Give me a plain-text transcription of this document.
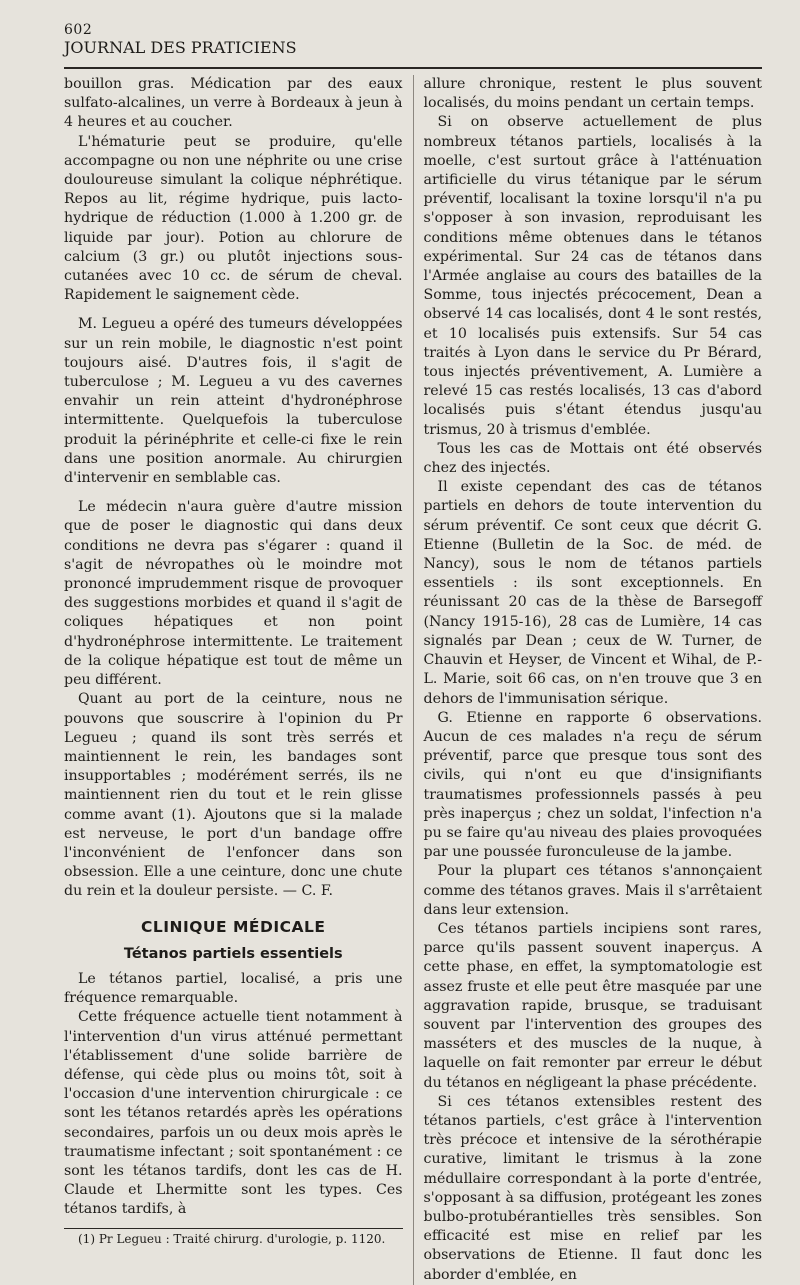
602
JOURNAL DES PRATICIENS

bouillon gras. Médication par des eaux sulfato-alcalines, un verre à Bordeaux à jeun à 4 heures et au coucher.

L'hématurie peut se produire, qu'elle accompagne ou non une néphrite ou une crise douloureuse simulant la colique néphrétique. Repos au lit, régime hydrique, puis lacto-hydrique de réduction (1.000 à 1.200 gr. de liquide par jour). Potion au chlorure de calcium (3 gr.) ou plutôt injections sous-cutanées avec 10 cc. de sérum de cheval. Rapidement le saignement cède.

M. Legueu a opéré des tumeurs développées sur un rein mobile, le diagnostic n'est point toujours aisé. D'autres fois, il s'agit de tuberculose ; M. Legueu a vu des cavernes envahir un rein atteint d'hydronéphrose intermittente. Quelquefois la tuberculose produit la périnéphrite et celle-ci fixe le rein dans une position anormale. Au chirurgien d'intervenir en semblable cas.

Le médecin n'aura guère d'autre mission que de poser le diagnostic qui dans deux conditions ne devra pas s'égarer : quand il s'agit de névropathes où le moindre mot prononcé imprudemment risque de provoquer des suggestions morbides et quand il s'agit de coliques hépatiques et non point d'hydronéphrose intermittente. Le traitement de la colique hépatique est tout de même un peu différent.

Quant au port de la ceinture, nous ne pouvons que souscrire à l'opinion du Pr Legueu ; quand ils sont très serrés et maintiennent le rein, les bandages sont insupportables ; modérément serrés, ils ne maintiennent rien du tout et le rein glisse comme avant (1). Ajoutons que si la malade est nerveuse, le port d'un bandage offre l'inconvénient de l'enfoncer dans son obsession. Elle a une ceinture, donc une chute du rein et la douleur persiste. — C. F.

CLINIQUE MÉDICALE
Tétanos partiels essentiels

Le tétanos partiel, localisé, a pris une fréquence remarquable.

Cette fréquence actuelle tient notamment à l'intervention d'un virus atténué permettant l'établissement d'une solide barrière de défense, qui cède plus ou moins tôt, soit à l'occasion d'une intervention chirurgicale : ce sont les tétanos retardés après les opérations secondaires, parfois un ou deux mois après le traumatisme infectant ; soit spontanément : ce sont les tétanos tardifs, dont les cas de H. Claude et Lhermitte sont les types. Ces tétanos tardifs, à

(1) Pr Legueu : Traité chirurg. d'urologie, p. 1120.

allure chronique, restent le plus souvent localisés, du moins pendant un certain temps.

Si on observe actuellement de plus nombreux tétanos partiels, localisés à la moelle, c'est surtout grâce à l'atténuation artificielle du virus tétanique par le sérum préventif, localisant la toxine lorsqu'il n'a pu s'opposer à son invasion, reproduisant les conditions même obtenues dans le tétanos expérimental. Sur 24 cas de tétanos dans l'Armée anglaise au cours des batailles de la Somme, tous injectés précocement, Dean a observé 14 cas localisés, dont 4 le sont restés, et 10 localisés puis extensifs. Sur 54 cas traités à Lyon dans le service du Pr Bérard, tous injectés préventivement, A. Lumière a relevé 15 cas restés localisés, 13 cas d'abord localisés puis s'étant étendus jusqu'au trismus, 20 à trismus d'emblée.

Tous les cas de Mottais ont été observés chez des injectés.

Il existe cependant des cas de tétanos partiels en dehors de toute intervention du sérum préventif. Ce sont ceux que décrit G. Etienne (Bulletin de la Soc. de méd. de Nancy), sous le nom de tétanos partiels essentiels : ils sont exceptionnels. En réunissant 20 cas de la thèse de Barsegoff (Nancy 1915-16), 28 cas de Lumière, 14 cas signalés par Dean ; ceux de W. Turner, de Chauvin et Heyser, de Vincent et Wihal, de P.-L. Marie, soit 66 cas, on n'en trouve que 3 en dehors de l'immunisation sérique.

G. Etienne en rapporte 6 observations. Aucun de ces malades n'a reçu de sérum préventif, parce que presque tous sont des civils, qui n'ont eu que d'insignifiants traumatismes professionnels passés à peu près inaperçus ; chez un soldat, l'infection n'a pu se faire qu'au niveau des plaies provoquées par une poussée furonculeuse de la jambe.

Pour la plupart ces tétanos s'annonçaient comme des tétanos graves. Mais il s'arrêtaient dans leur extension.

Ces tétanos partiels incipiens sont rares, parce qu'ils passent souvent inaperçus. A cette phase, en effet, la symptomatologie est assez fruste et elle peut être masquée par une aggravation rapide, brusque, se traduisant souvent par l'intervention des groupes des masséters et des muscles de la nuque, à laquelle on fait remonter par erreur le début du tétanos en négligeant la phase précédente.

Si ces tétanos extensibles restent des tétanos partiels, c'est grâce à l'intervention très précoce et intensive de la sérothérapie curative, limitant le trismus à la zone médullaire correspondant à la porte d'entrée, s'opposant à sa diffusion, protégeant les zones bulbo-protubérantielles très sensibles. Son efficacité est mise en relief par les observations de Etienne. Il faut donc les aborder d'emblée, en
